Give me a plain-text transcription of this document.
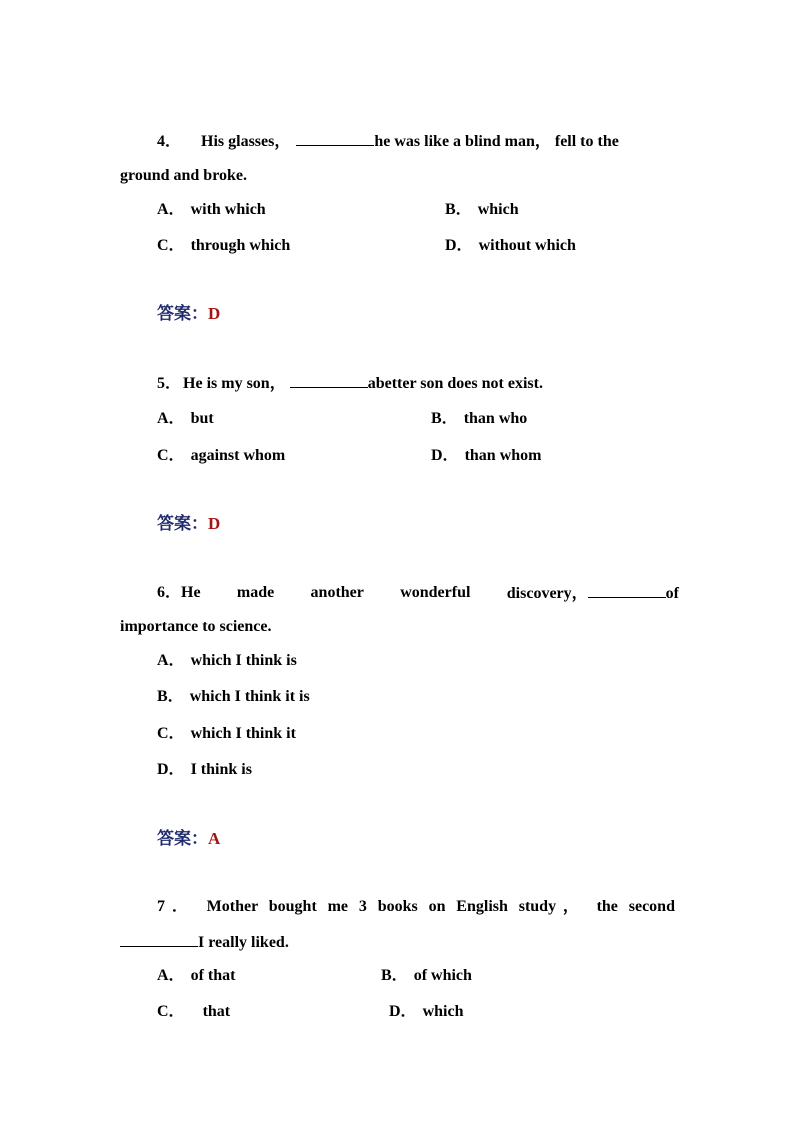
4． His glasses，	he was like a blind man， fell to the
ground and broke.
A． with which	B． which
C． through which	D． without which
答案：D
5． He is my son，	abetter son does not exist.
A． but	B． than who
C． against whom	D． than whom
答案：D
6．He made another wonderful discovery，	of
importance to science.
A． which I think is
B． which I think it is
C． which I think it
D． I think is
答案：A
7． Mother bought me 3 books on English study， the second
I really liked.
A． of that	B． of which
C． that	D． which
